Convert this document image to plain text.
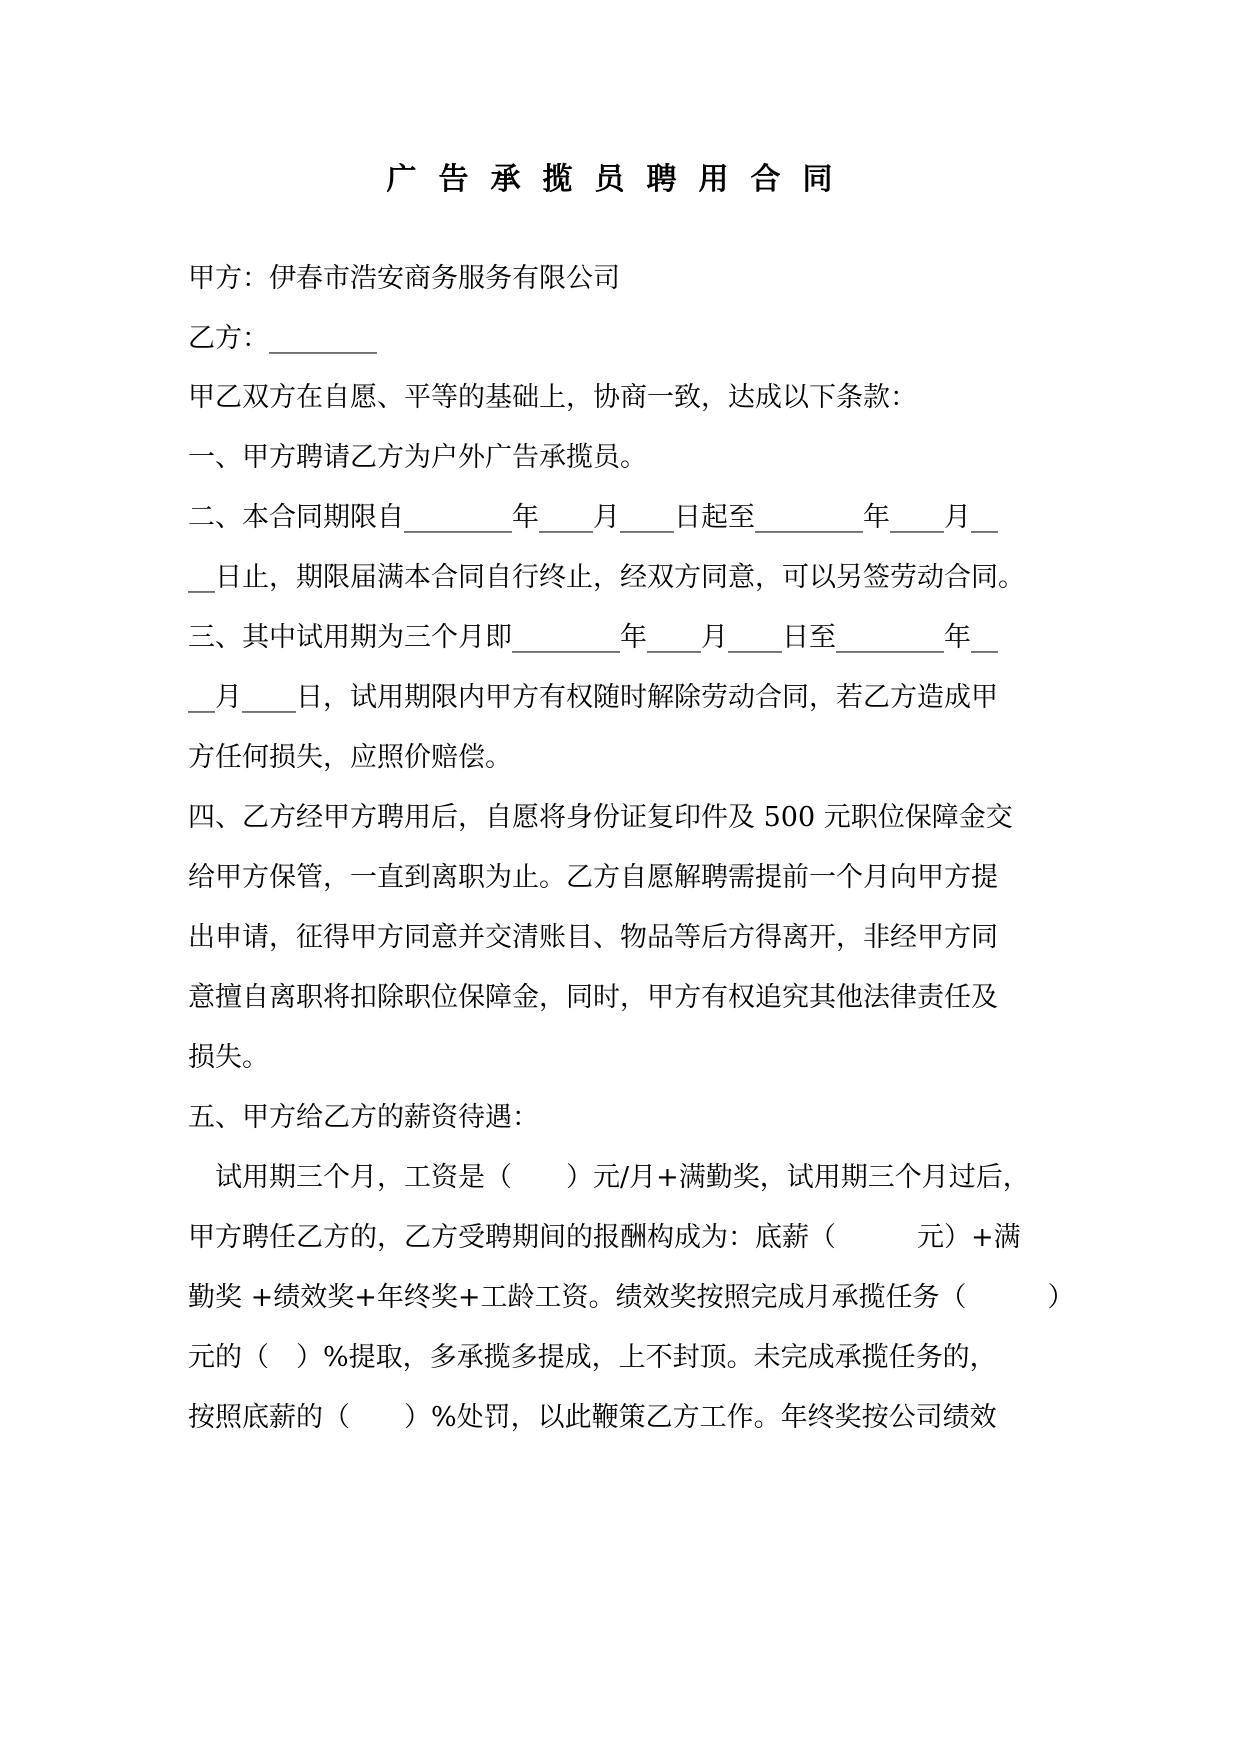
广告承揽员聘用合同
甲方：伊春市浩安商务服务有限公司
乙方：________
甲乙双方在自愿、平等的基础上，协商一致，达成以下条款：
一、甲方聘请乙方为户外广告承揽员。
二、本合同期限自________年____月____日起至________年____月__
__日止，期限届满本合同自行终止，经双方同意，可以另签劳动合同。
三、其中试用期为三个月即________年____月____日至________年__
__月____日，试用期限内甲方有权随时解除劳动合同，若乙方造成甲
方任何损失，应照价赔偿。
四、乙方经甲方聘用后，自愿将身份证复印件及 500 元职位保障金交
给甲方保管，一直到离职为止。乙方自愿解聘需提前一个月向甲方提
出申请，征得甲方同意并交清账目、物品等后方得离开，非经甲方同
意擅自离职将扣除职位保障金，同时，甲方有权追究其他法律责任及
损失。
五、甲方给乙方的薪资待遇：
　试用期三个月，工资是（　　）元/月+满勤奖，试用期三个月过后，
甲方聘任乙方的，乙方受聘期间的报酬构成为：底薪（　　　元）+满
勤奖 +绩效奖+年终奖+工龄工资。绩效奖按照完成月承揽任务（　　　）
元的（　）%提取，多承揽多提成，上不封顶。未完成承揽任务的，
按照底薪的（　　）%处罚，以此鞭策乙方工作。年终奖按公司绩效
